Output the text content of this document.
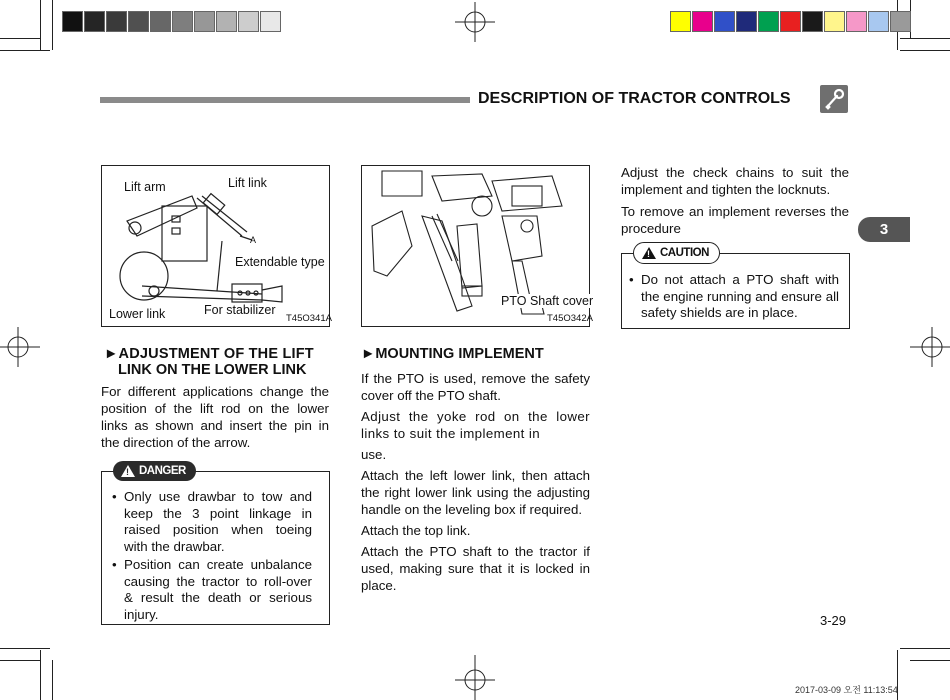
DESCRIPTION OF TRACTOR CONTROLS
3
Lift arm	Lift link
A
Extendable type
Lower link	For stabilizer
T45O341A
PTO Shaft cover
T45O342A
►ADJUSTMENT OF THE LIFT
LINK ON THE LOWER LINK
For different applications change the position of the lift rod on the lower links as shown and insert the pin in the direction of the arrow.
• Only use drawbar to tow and keep the 3 point linkage in raised position when toeing with the drawbar.
• Position can create unbalance causing the tractor to roll-over & result the death or serious injury.
! DANGER
►MOUNTING IMPLEMENT
If the PTO is used, remove the safety cover off the PTO shaft.
Adjust the yoke rod on the lower links to suit the implement in
use.
Attach the left lower link, then attach the right lower link using the adjusting handle on the leveling box if required.
Attach the top link.
Attach the PTO shaft to the tractor if used, making sure that it is locked in place.
Adjust the check chains to suit the implement and tighten the locknuts.
To remove an implement reverses the procedure
• Do not attach a PTO shaft with the engine running and ensure all safety shields are in place.
! CAUTION
3-29
2017-03-09 오전 11:13:54
